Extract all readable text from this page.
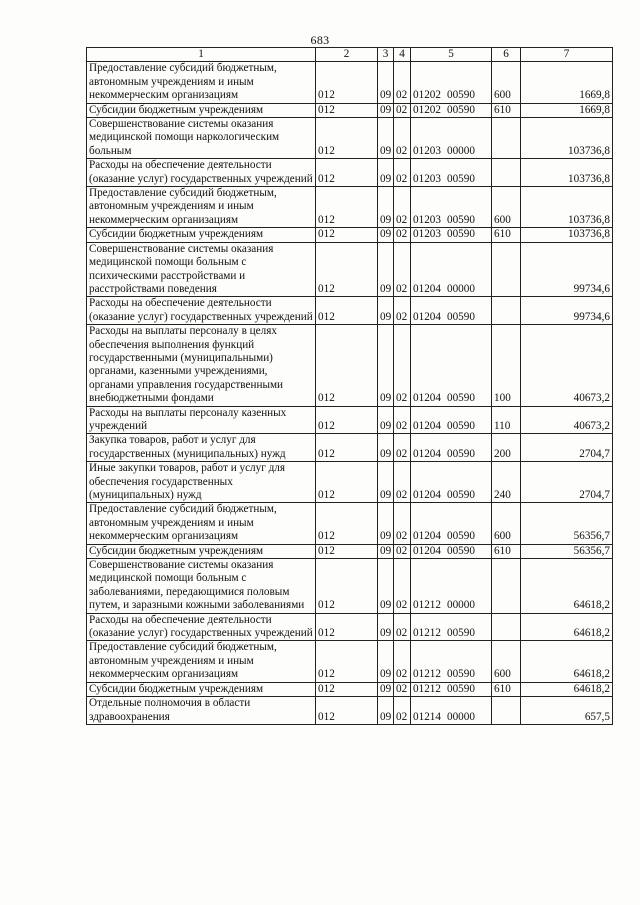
683
1	2	3	4	5	6	7
Предоставление субсидий бюджетным, автономным учреждениям и иным некоммерческим организациям	012	09	02	01202 00590	600	1669,8
Субсидии бюджетным учреждениям	012	09	02	01202 00590	610	1669,8
Совершенствование системы оказания медицинской помощи наркологическим больным	012	09	02	01203 00000		103736,8
Расходы на обеспечение деятельности (оказание услуг) государственных учреждений	012	09	02	01203 00590		103736,8
Предоставление субсидий бюджетным, автономным учреждениям и иным некоммерческим организациям	012	09	02	01203 00590	600	103736,8
Субсидии бюджетным учреждениям	012	09	02	01203 00590	610	103736,8
Совершенствование системы оказания медицинской помощи больным с психическими расстройствами и расстройствами поведения	012	09	02	01204 00000		99734,6
Расходы на обеспечение деятельности (оказание услуг) государственных учреждений	012	09	02	01204 00590		99734,6
Расходы на выплаты персоналу в целях обеспечения выполнения функций государственными (муниципальными) органами, казенными учреждениями, органами управления государственными внебюджетными фондами	012	09	02	01204 00590	100	40673,2
Расходы на выплаты персоналу казенных учреждений	012	09	02	01204 00590	110	40673,2
Закупка товаров, работ и услуг для государственных (муниципальных) нужд	012	09	02	01204 00590	200	2704,7
Иные закупки товаров, работ и услуг для обеспечения государственных (муниципальных) нужд	012	09	02	01204 00590	240	2704,7
Предоставление субсидий бюджетным, автономным учреждениям и иным некоммерческим организациям	012	09	02	01204 00590	600	56356,7
Субсидии бюджетным учреждениям	012	09	02	01204 00590	610	56356,7
Совершенствование системы оказания медицинской помощи больным с заболеваниями, передающимися половым путем, и заразными кожными заболеваниями	012	09	02	01212 00000		64618,2
Расходы на обеспечение деятельности (оказание услуг) государственных учреждений	012	09	02	01212 00590		64618,2
Предоставление субсидий бюджетным, автономным учреждениям и иным некоммерческим организациям	012	09	02	01212 00590	600	64618,2
Субсидии бюджетным учреждениям	012	09	02	01212 00590	610	64618,2
Отдельные полномочия в области здравоохранения	012	09	02	01214 00000		657,5
